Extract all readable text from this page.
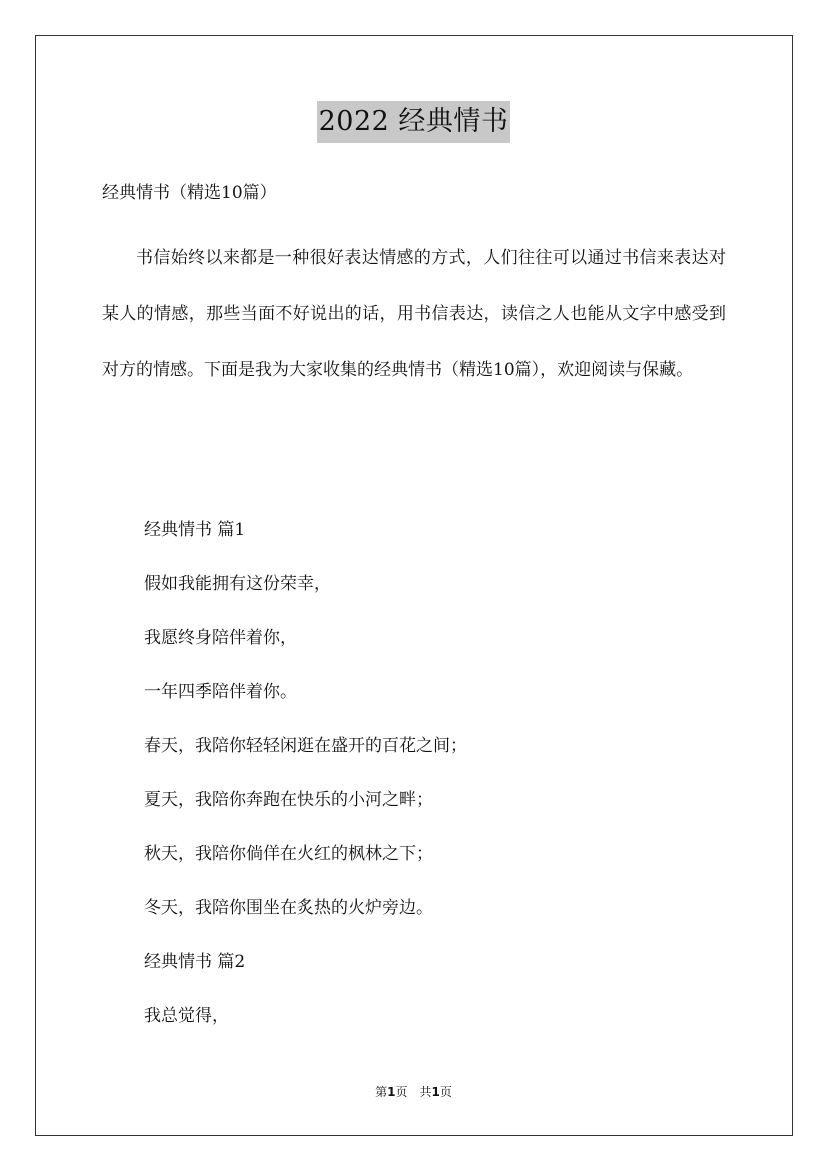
2022 经典情书

经典情书（精选10篇）

书信始终以来都是一种很好表达情感的方式，人们往往可以通过书信来表达对某人的情感，那些当面不好说出的话，用书信表达，读信之人也能从文字中感受到对方的情感。下面是我为大家收集的经典情书（精选10篇），欢迎阅读与保藏。

经典情书 篇1
假如我能拥有这份荣幸，
我愿终身陪伴着你，
一年四季陪伴着你。
春天，我陪你轻轻闲逛在盛开的百花之间；
夏天，我陪你奔跑在快乐的小河之畔；
秋天，我陪你倘佯在火红的枫林之下；
冬天，我陪你围坐在炙热的火炉旁边。
经典情书 篇2
我总觉得，
第1页 共1页
